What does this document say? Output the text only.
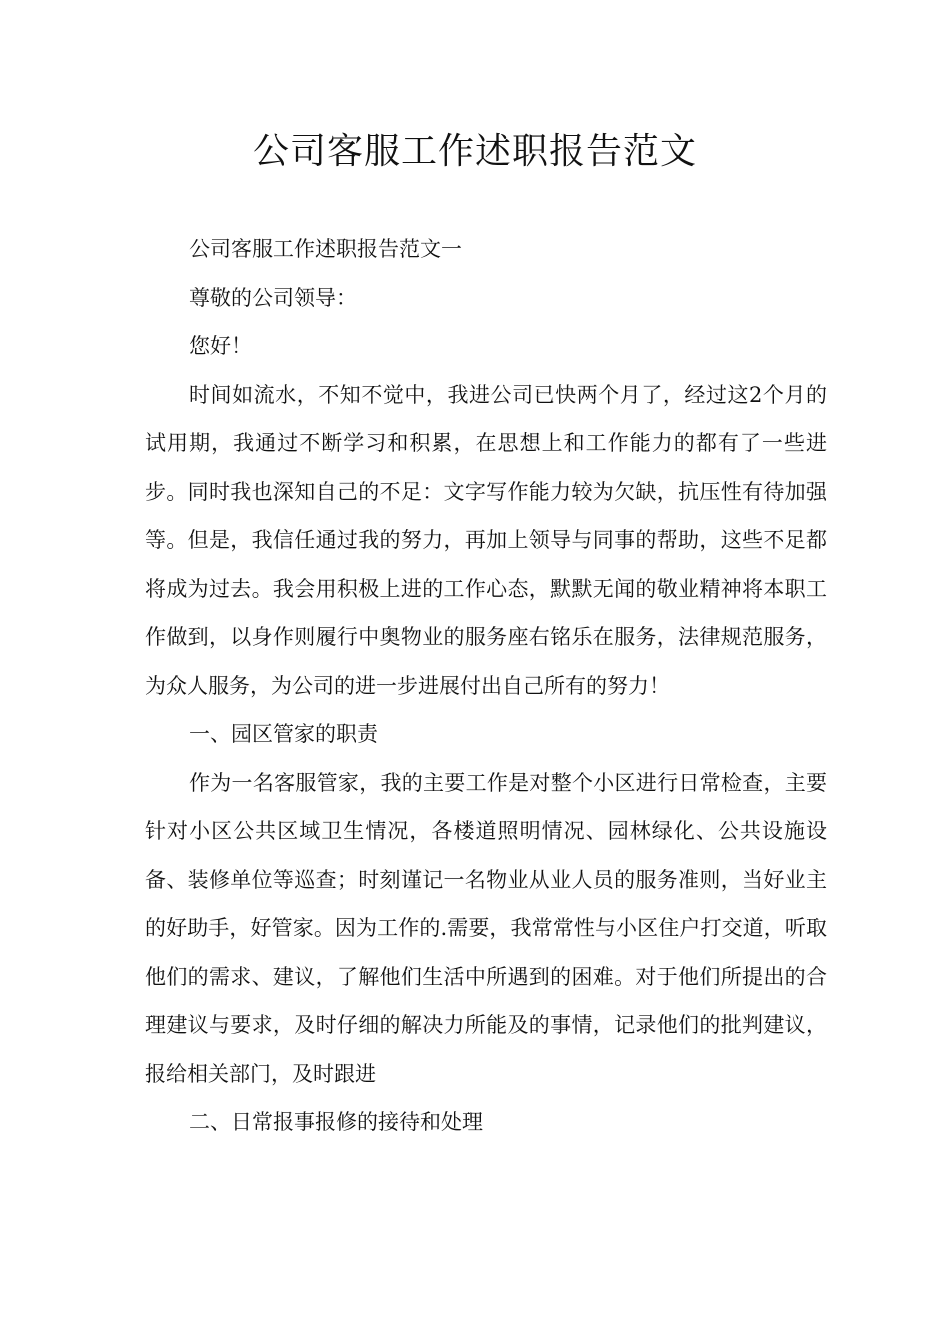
公司客服工作述职报告范文

公司客服工作述职报告范文一

尊敬的公司领导：

您好！

时间如流水，不知不觉中，我进公司已快两个月了，经过这2个月的试用期，我通过不断学习和积累，在思想上和工作能力的都有了一些进步。同时我也深知自己的不足：文字写作能力较为欠缺，抗压性有待加强等。但是，我信任通过我的努力，再加上领导与同事的帮助，这些不足都将成为过去。我会用积极上进的工作心态，默默无闻的敬业精神将本职工作做到，以身作则履行中奥物业的服务座右铭乐在服务，法律规范服务，为众人服务，为公司的进一步进展付出自己所有的努力！

一、园区管家的职责

作为一名客服管家，我的主要工作是对整个小区进行日常检查，主要针对小区公共区域卫生情况，各楼道照明情况、园林绿化、公共设施设备、装修单位等巡查；时刻谨记一名物业从业人员的服务准则，当好业主的好助手，好管家。因为工作的.需要，我常常性与小区住户打交道，听取他们的需求、建议，了解他们生活中所遇到的困难。对于他们所提出的合理建议与要求，及时仔细的解决力所能及的事情，记录他们的批判建议，报给相关部门，及时跟进

二、日常报事报修的接待和处理
